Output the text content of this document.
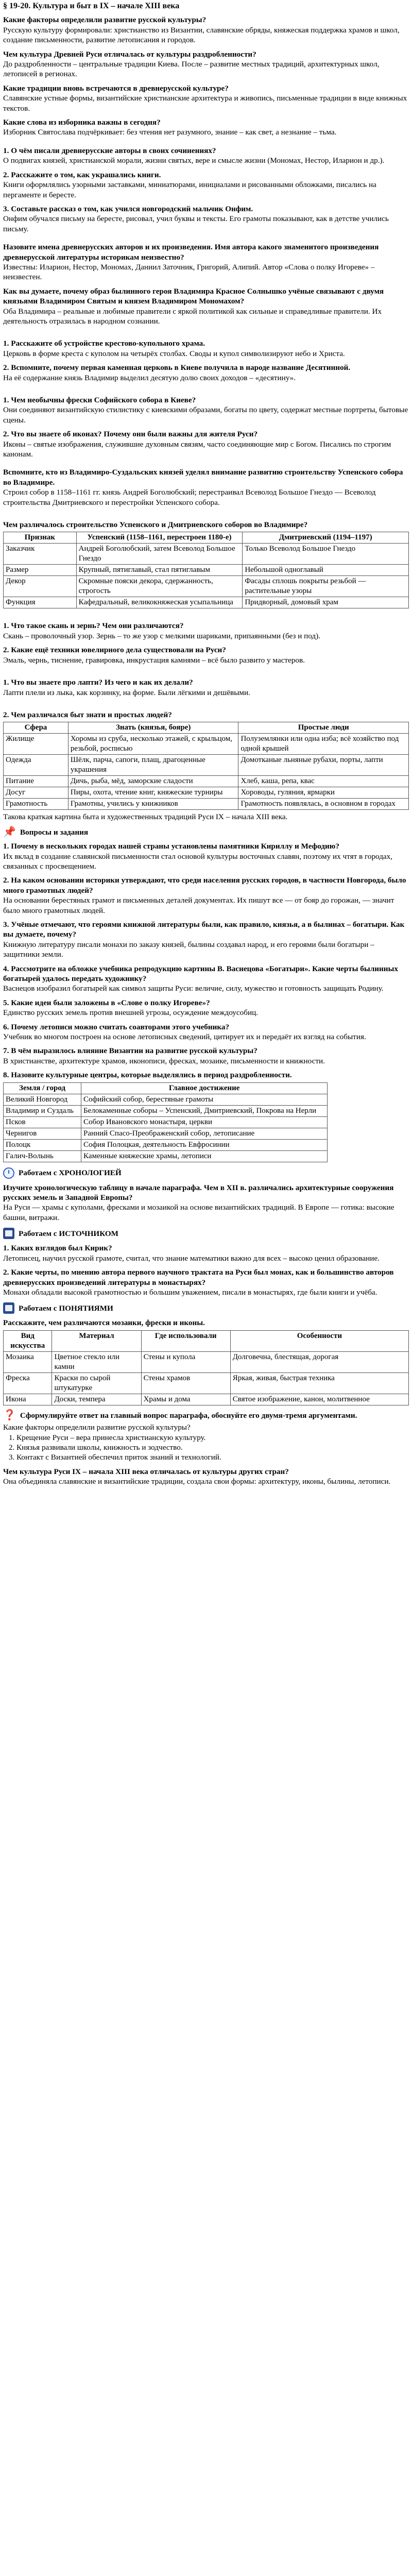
§ 19-20. Культура и быт в IX – начале XIII века

Какие факторы определили развитие русской культуры?

Русскую культуру формировали: христианство из Византии, славянские обряды, княжеская поддержка храмов и школ, создание письменности, развитие летописания и городов.

Чем культура Древней Руси отличалась от культуры раздробленности?

До раздробленности – центральные традиции Киева. После – развитие местных традиций, архитектурных школ, летописей в регионах.

Какие традиции вновь встречаются в древнерусской культуре?

Славянские устные формы, византийские христианские архитектура и живопись, письменные традиции в виде книжных текстов.

Какие слова из изборника важны в сегодня?

Изборник Святослава подчёркивает: без чтения нет разумного, знание – как свет, а незнание – тьма.

1. О чём писали древнерусские авторы в своих сочинениях?

О подвигах князей, христианской морали, жизни святых, вере и смысле жизни (Мономах, Нестор, Иларион и др.).

2. Расскажите о том, как украшались книги.

Книги оформлялись узорными заставками, миниатюрами, инициалами и рисованными обложками, писались на пергаменте и бересте.

3. Составьте рассказ о том, как учился новгородский мальчик Онфим.

Онфим обучался письму на бересте, рисовал, учил буквы и тексты. Его грамоты показывают, как в детстве учились письму.

Назовите имена древнерусских авторов и их произведения. Имя автора какого знаменитого произведения древнерусской литературы историкам неизвестно?

Известны: Иларион, Нестор, Мономах, Даниил Заточник, Григорий, Алипий. Автор «Слова о полку Игореве» – неизвестен.

Как вы думаете, почему образ былинного героя Владимира Красное Солнышко учёные связывают с двумя князьями Владимиром Святым и князем Владимиром Мономахом?

Оба Владимира – реальные и любимые правители с яркой политикой как сильные и справедливые правители. Их деятельность отразилась в народном сознании.

1. Расскажите об устройстве крестово-купольного храма.

Церковь в форме креста с куполом на четырёх столбах. Своды и купол символизируют небо и Христа.

2. Вспомните, почему первая каменная церковь в Киеве получила в народе название Десятинной.

На её содержание князь Владимир выделил десятую долю своих доходов – «десятину».

1. Чем необычны фрески Софийского собора в Киеве?

Они соединяют византийскую стилистику с киевскими образами, богаты по цвету, содержат местные портреты, бытовые сцены.

2. Что вы знаете об иконах? Почему они были важны для жителя Руси?

Иконы – святые изображения, служившие духовным связям, часто соединяющие мир с Богом. Писались по строгим канонам.

Вспомните, кто из Владимиро-Суздальских князей уделял внимание развитию строительству Успенского собора во Владимире.

Строил собор в 1158–1161 гг. князь Андрей Боголюбский; перестраивал Всеволод Большое Гнездо — Всеволод строительства Дмитриевского и перестройки Успенского собора.

Чем различалось строительство Успенского и Дмитриевского соборов во Владимире?

Признак	Успенский (1158–1161, перестроен 1180-е)	Дмитриевский (1194–1197)
Заказчик	Андрей Боголюбский, затем Всеволод Большое Гнездо	Только Всеволод Большое Гнездо
Размер	Крупный, пятиглавый, стал пятиглавым	Небольшой одноглавый
Декор	Скромные пояски декора, сдержанность, строгость	Фасады сплошь покрыты резьбой — растительные узоры
Функция	Кафедральный, великокняжеская усыпальница	Придворный, домовый храм

1. Что такое скань и зернь? Чем они различаются?

Скань – проволочный узор. Зернь – то же узор с мелкими шариками, припаянными (без и под).

2. Какие ещё техники ювелирного дела существовали на Руси?

Эмаль, чернь, тиснение, гравировка, инкрустация камнями – всё было развито у мастеров.

1. Что вы знаете про лапти? Из чего и как их делали?

Лапти плели из лыка, как корзинку, на форме. Были лёгкими и дешёвыми.

2. Чем различался быт знати и простых людей?

Сфера	Знать (князья, бояре)	Простые люди
Жилище	Хоромы из сруба, несколько этажей, с крыльцом, резьбой, росписью	Полуземлянки или одна изба; всё хозяйство под одной крышей
Одежда	Шёлк, парча, сапоги, плащ, драгоценные украшения	Домотканые льняные рубахи, порты, лапти
Питание	Дичь, рыба, мёд, заморские сладости	Хлеб, каша, репа, квас
Досуг	Пиры, охота, чтение книг, княжеские турниры	Хороводы, гуляния, ярмарки
Грамотность	Грамотны, учились у книжников	Грамотность появлялась, в основном в городах

Такова краткая картина быта и художественных традиций Руси IX – начала XIII века.

📌 Вопросы и задания

1. Почему в нескольких городах нашей страны установлены памятники Кириллу и Мефодию?

Их вклад в создание славянской письменности стал основой культуры восточных славян, поэтому их чтят в городах, связанных с просвещением.

2. На каком основании историки утверждают, что среди населения русских городов, в частности Новгорода, было много грамотных людей?

На основании берестяных грамот и письменных деталей документах. Их пишут все — от бояр до горожан, — значит было много грамотных людей.

3. Учёные отмечают, что героями книжной литературы были, как правило, князья, а в былинах – богатыри. Как вы думаете, почему?

Книжную литературу писали монахи по заказу князей, былины создавал народ, и его героями были богатыри – защитники земли.

4. Рассмотрите на обложке учебника репродукцию картины В. Васнецова «Богатыри». Какие черты былинных богатырей удалось передать художнику?

Васнецов изобразил богатырей как символ защиты Руси: величие, силу, мужество и готовность защищать Родину.

5. Какие идеи были заложены в «Слове о полку Игореве»?

Единство русских земель против внешней угрозы, осуждение междоусобиц.

6. Почему летописи можно считать соавторами этого учебника?

Учебник во многом построен на основе летописных сведений, цитирует их и передаёт их взгляд на события.

7. В чём выразилось влияние Византии на развитие русской культуры?

В христианстве, архитектуре храмов, иконописи, фресках, мозаике, письменности и книжности.

8. Назовите культурные центры, которые выделялись в период раздробленности.

Земля / город	Главное достижение
Великий Новгород	Софийский собор, берестяные грамоты
Владимир и Суздаль	Белокаменные соборы – Успенский, Дмитриевский, Покрова на Нерли
Псков	Собор Ивановского монастыря, церкви
Чернигов	Ранний Спасо-Преображенский собор, летописание
Полоцк	София Полоцкая, деятельность Евфросинии
Галич-Волынь	Каменные княжеские храмы, летописи
Работаем с ХРОНОЛОГИЕЙ

Изучите хронологическую таблицу в начале параграфа. Чем в XII в. различались архитектурные сооружения русских земель и Западной Европы?

На Руси — храмы с куполами, фресками и мозаикой на основе византийских традиций. В Европе — готика: высокие башни, витражи.

Работаем с ИСТОЧНИКОМ

1. Каких взглядов был Кирик?

Летописец, научил русской грамоте, считал, что знание математики важно для всех – высоко ценил образование.

2. Какие черты, по мнению автора первого научного трактата на Руси был монах, как и большинство авторов древнерусских произведений литературы в монастырях?

Монахи обладали высокой грамотностью и большим уважением, писали в монастырях, где были книги и учёба.

Работаем с ПОНЯТИЯМИ

Расскажите, чем различаются мозаики, фрески и иконы.

Вид искусства	Материал	Где использовали	Особенности
Мозаика	Цветное стекло или камни	Стены и купола	Долговечна, блестящая, дорогая
Фреска	Краски по сырой штукатурке	Стены храмов	Яркая, живая, быстрая техника
Икона	Доски, темпера	Храмы и дома	Святое изображение, канон, молитвенное
❓ Сформулируйте ответ на главный вопрос параграфа, обоснуйте его двумя-тремя аргументами.

Какие факторы определили развитие русской культуры?

1. Крещение Руси – вера принесла христианскую культуру.
2. Князья развивали школы, книжность и зодчество.
3. Контакт с Византией обеспечил приток знаний и технологий.

Чем культура Руси IX – начала XIII века отличалась от культуры других стран?

Она объединяла славянские и византийские традиции, создала свои формы: архитектуру, иконы, былины, летописи.
